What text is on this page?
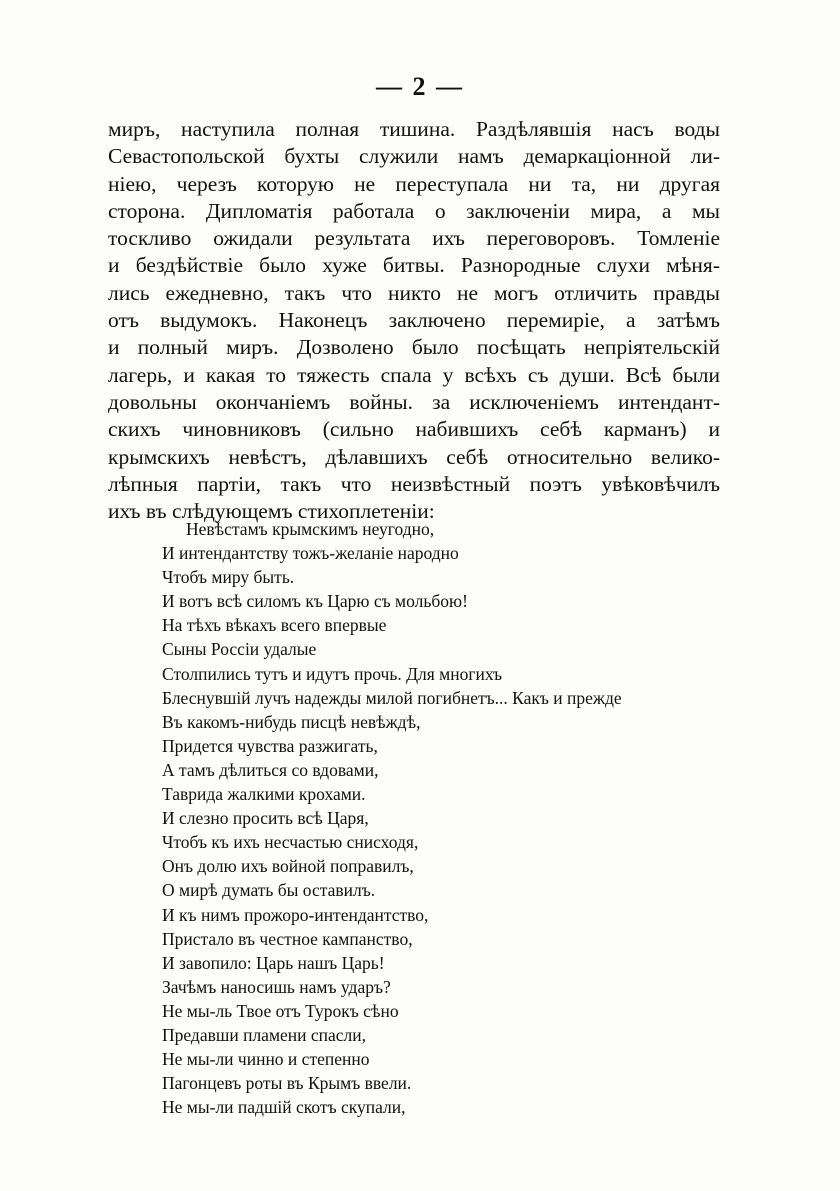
— 2 —
миръ, наступила полная тишина. Раздѣлявшія насъ воды
Севастопольской бухты служили намъ демаркаціонной ли-
ніею, черезъ которую не переступала ни та, ни другая
сторона. Дипломатія работала о заключеніи мира, а мы
тоскливо ожидали результата ихъ переговоровъ. Томленіе
и бездѣйствіе было хуже битвы. Разнородные слухи мѣня-
лись ежедневно, такъ что никто не могъ отличить правды
отъ выдумокъ. Наконецъ заключено перемиріе, а затѣмъ
и полный миръ. Дозволено было посѣщать непріятельскій
лагерь, и какая то тяжесть спала у всѣхъ съ души. Всѣ были
довольны окончаніемъ войны. за исключеніемъ интендант-
скихъ чиновниковъ (сильно набившихъ себѣ карманъ) и
крымскихъ невѣстъ, дѣлавшихъ себѣ относительно велико-
лѣпныя партіи, такъ что неизвѣстный поэтъ увѣковѣчилъ
ихъ въ слѣдующемъ стихоплетеніи:
Невѣстамъ крымскимъ неугодно,
И интендантству тожъ-желаніе народно
Чтобъ миру быть.
И вотъ всѣ силомъ къ Царю съ мольбою!
На тѣхъ вѣкахъ всего впервые
Сыны Россіи удалые
Столпились тутъ и идутъ прочь. Для многихъ
Блеснувшій лучъ надежды милой погибнетъ... Какъ и прежде
Въ какомъ-нибудь писцѣ невѣждѣ,
Придется чувства разжигать,
А тамъ дѣлиться со вдовами,
Таврида жалкими крохами.
И слезно просить всѣ Царя,
Чтобъ къ ихъ несчастью снисходя,
Онъ долю ихъ войной поправилъ,
О мирѣ думать бы оставилъ.
И къ нимъ прожоро-интендантство,
Пристало въ честное кампанство,
И завопило: Царь нашъ Царь!
Зачѣмъ наносишь намъ ударъ?
Не мы-ль Твое отъ Турокъ сѣно
Предавши пламени спасли,
Не мы-ли чинно и степенно
Пагонцевъ роты въ Крымъ ввели.
Не мы-ли падшій скотъ скупали,
